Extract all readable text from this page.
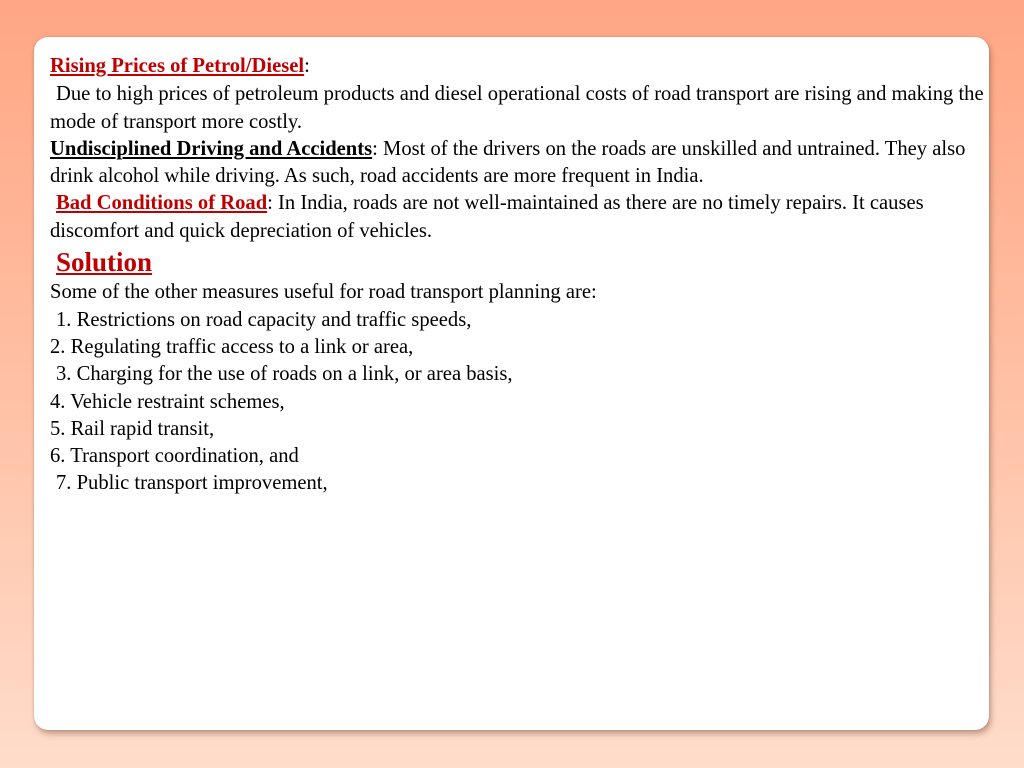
Rising Prices of Petrol/Diesel:

Due to high prices of petroleum products and diesel operational costs of road transport are rising and making the mode of transport more costly.

Undisciplined Driving and Accidents: Most of the drivers on the roads are unskilled and untrained. They also drink alcohol while driving. As such, road accidents are more frequent in India.

Bad Conditions of Road: In India, roads are not well-maintained as there are no timely repairs. It causes discomfort and quick depreciation of vehicles.

Solution

Some of the other measures useful for road transport planning are:

1. Restrictions on road capacity and traffic speeds,

2. Regulating traffic access to a link or area,

3. Charging for the use of roads on a link, or area basis,

4. Vehicle restraint schemes,

5. Rail rapid transit,

6. Transport coordination, and

7. Public transport improvement,
